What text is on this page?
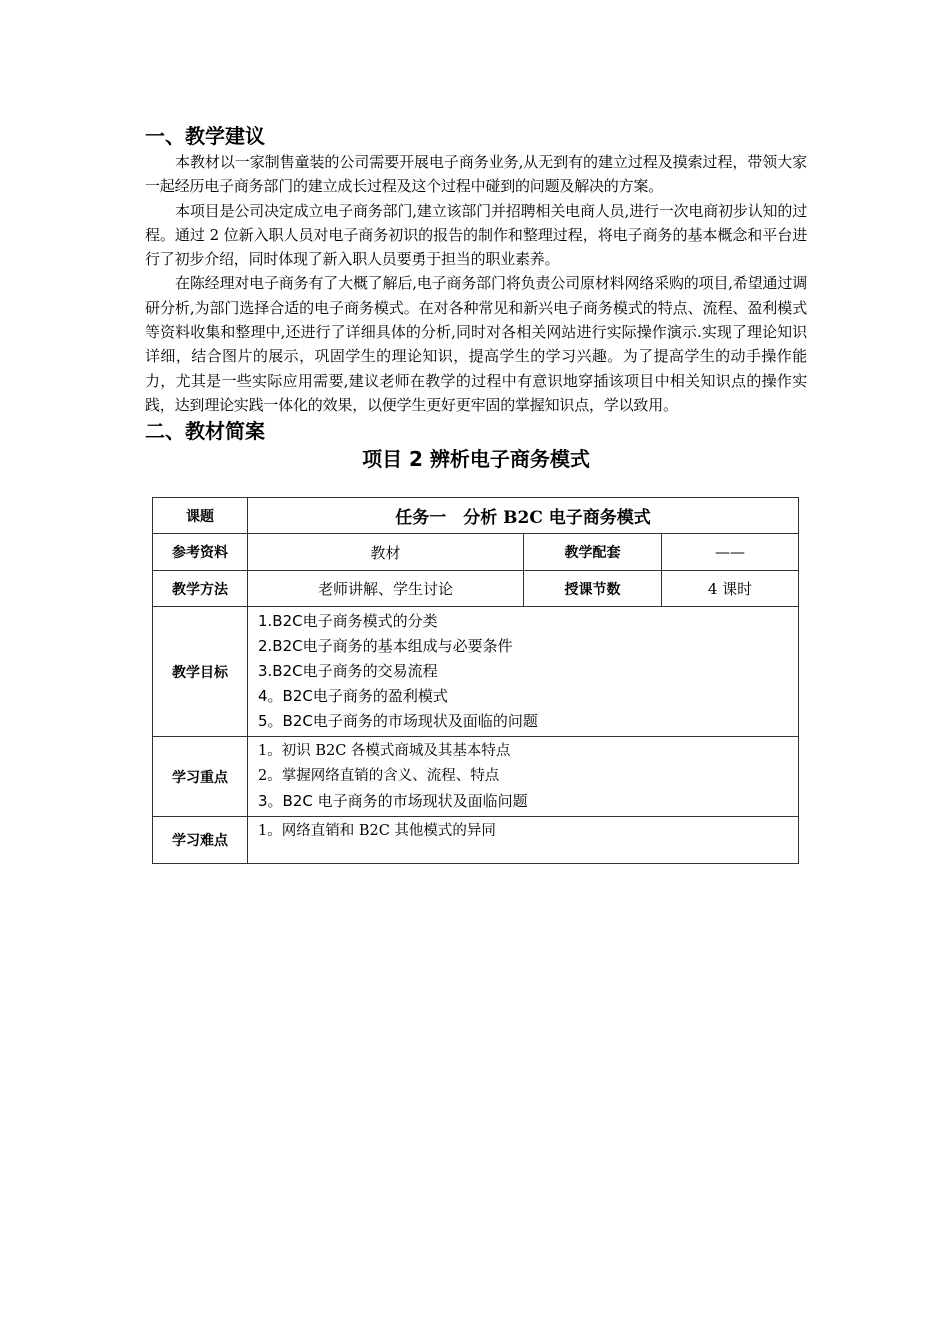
一、教学建议

本教材以一家制售童装的公司需要开展电子商务业务,从无到有的建立过程及摸索过程，带领大家一起经历电子商务部门的建立成长过程及这个过程中碰到的问题及解决的方案。

本项目是公司决定成立电子商务部门,建立该部门并招聘相关电商人员,进行一次电商初步认知的过程。通过 2 位新入职人员对电子商务初识的报告的制作和整理过程，将电子商务的基本概念和平台进行了初步介绍，同时体现了新入职人员要勇于担当的职业素养。

在陈经理对电子商务有了大概了解后,电子商务部门将负责公司原材料网络采购的项目,希望通过调研分析,为部门选择合适的电子商务模式。在对各种常见和新兴电子商务模式的特点、流程、盈利模式等资料收集和整理中,还进行了详细具体的分析,同时对各相关网站进行实际操作演示.实现了理论知识详细，结合图片的展示，巩固学生的理论知识，提高学生的学习兴趣。为了提高学生的动手操作能力，尤其是一些实际应用需要,建议老师在教学的过程中有意识地穿插该项目中相关知识点的操作实践，达到理论实践一体化的效果，以便学生更好更牢固的掌握知识点，学以致用。

二、教材简案

项目 2 辨析电子商务模式

课题	任务一　分析 B2C 电子商务模式		
参考资料	教材	教学配套	——
教学方法	老师讲解、学生讨论	授课节数	4 课时
教学目标	1.B2C电子商务模式的分类
2.B2C电子商务的基本组成与必要条件
3.B2C电子商务的交易流程
4。B2C电子商务的盈利模式
5。B2C电子商务的市场现状及面临的问题		

学习重点	1。初识 B2C 各模式商城及其基本特点
2。掌握网络直销的含义、流程、特点
3。B2C 电子商务的市场现状及面临问题		

学习难点	1。网络直销和 B2C 其他模式的异同		
